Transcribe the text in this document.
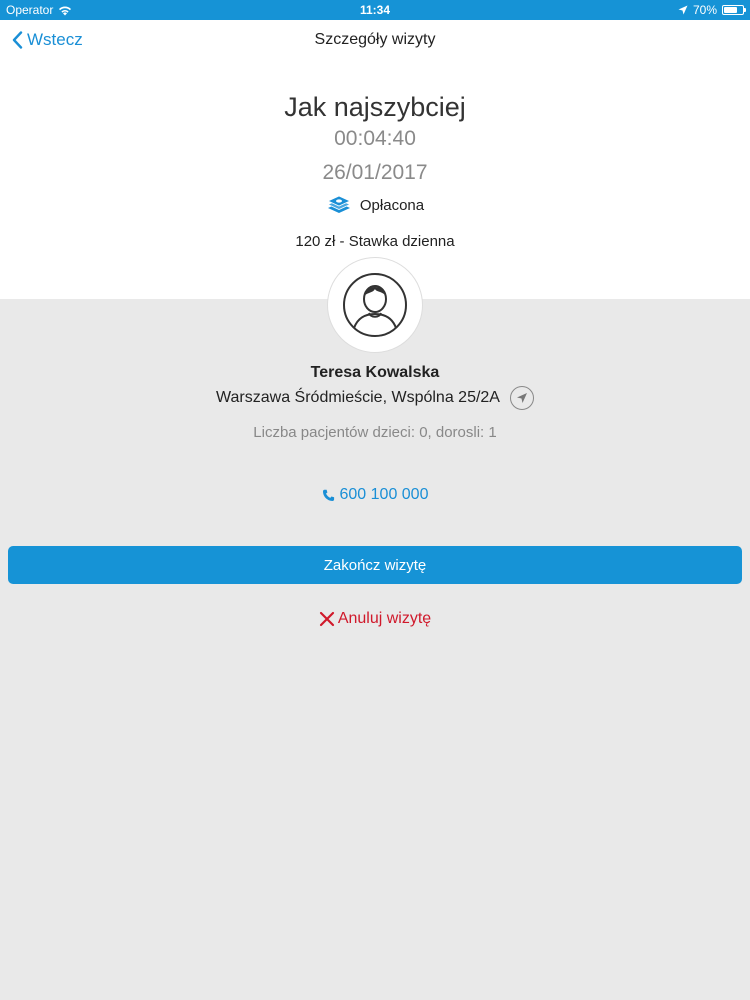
Operator	11:34	70%
Wstecz	Szczegóły wizyty
Jak najszybciej
00:04:40
26/01/2017
Opłacona
120 zł - Stawka dzienna
Teresa Kowalska
Warszawa Śródmieście, Wspólna 25/2A
Liczba pacjentów dzieci: 0, dorosli: 1
600 100 000
Zakończ wizytę
Anuluj wizytę
